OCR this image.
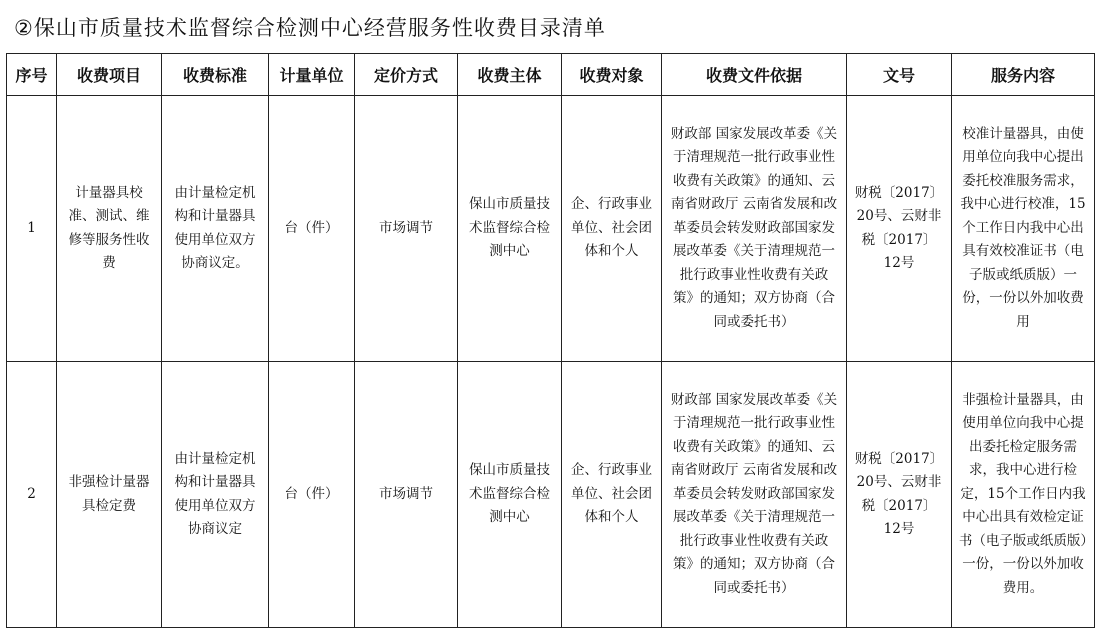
②保山市质量技术监督综合检测中心经营服务性收费目录清单
序号	收费项目	收费标准	计量单位	定价方式	收费主体	收费对象	收费文件依据	文号	服务内容
1	计量器具校准、测试、维修等服务性收费	由计量检定机构和计量器具使用单位双方协商议定。	台（件）	市场调节	保山市质量技术监督综合检测中心	企、行政事业单位、社会团体和个人	财政部 国家发展改革委《关于清理规范一批行政事业性收费有关政策》的通知、云南省财政厅 云南省发展和改革委员会转发财政部国家发展改革委《关于清理规范一批行政事业性收费有关政策》的通知；双方协商（合同或委托书）	财税〔2017〕20号、云财非税〔2017〕12号	校准计量器具，由使用单位向我中心提出委托校准服务需求，我中心进行校准，15个工作日内我中心出具有效校准证书（电子版或纸质版）一份，一份以外加收费用
2	非强检计量器具检定费	由计量检定机构和计量器具使用单位双方协商议定	台（件）	市场调节	保山市质量技术监督综合检测中心	企、行政事业单位、社会团体和个人	财政部 国家发展改革委《关于清理规范一批行政事业性收费有关政策》的通知、云南省财政厅 云南省发展和改革委员会转发财政部国家发展改革委《关于清理规范一批行政事业性收费有关政策》的通知；双方协商（合同或委托书）	财税〔2017〕20号、云财非税〔2017〕12号	非强检计量器具，由使用单位向我中心提出委托检定服务需求，我中心进行检定，15个工作日内我中心出具有效检定证书（电子版或纸质版）一份，一份以外加收费用。
